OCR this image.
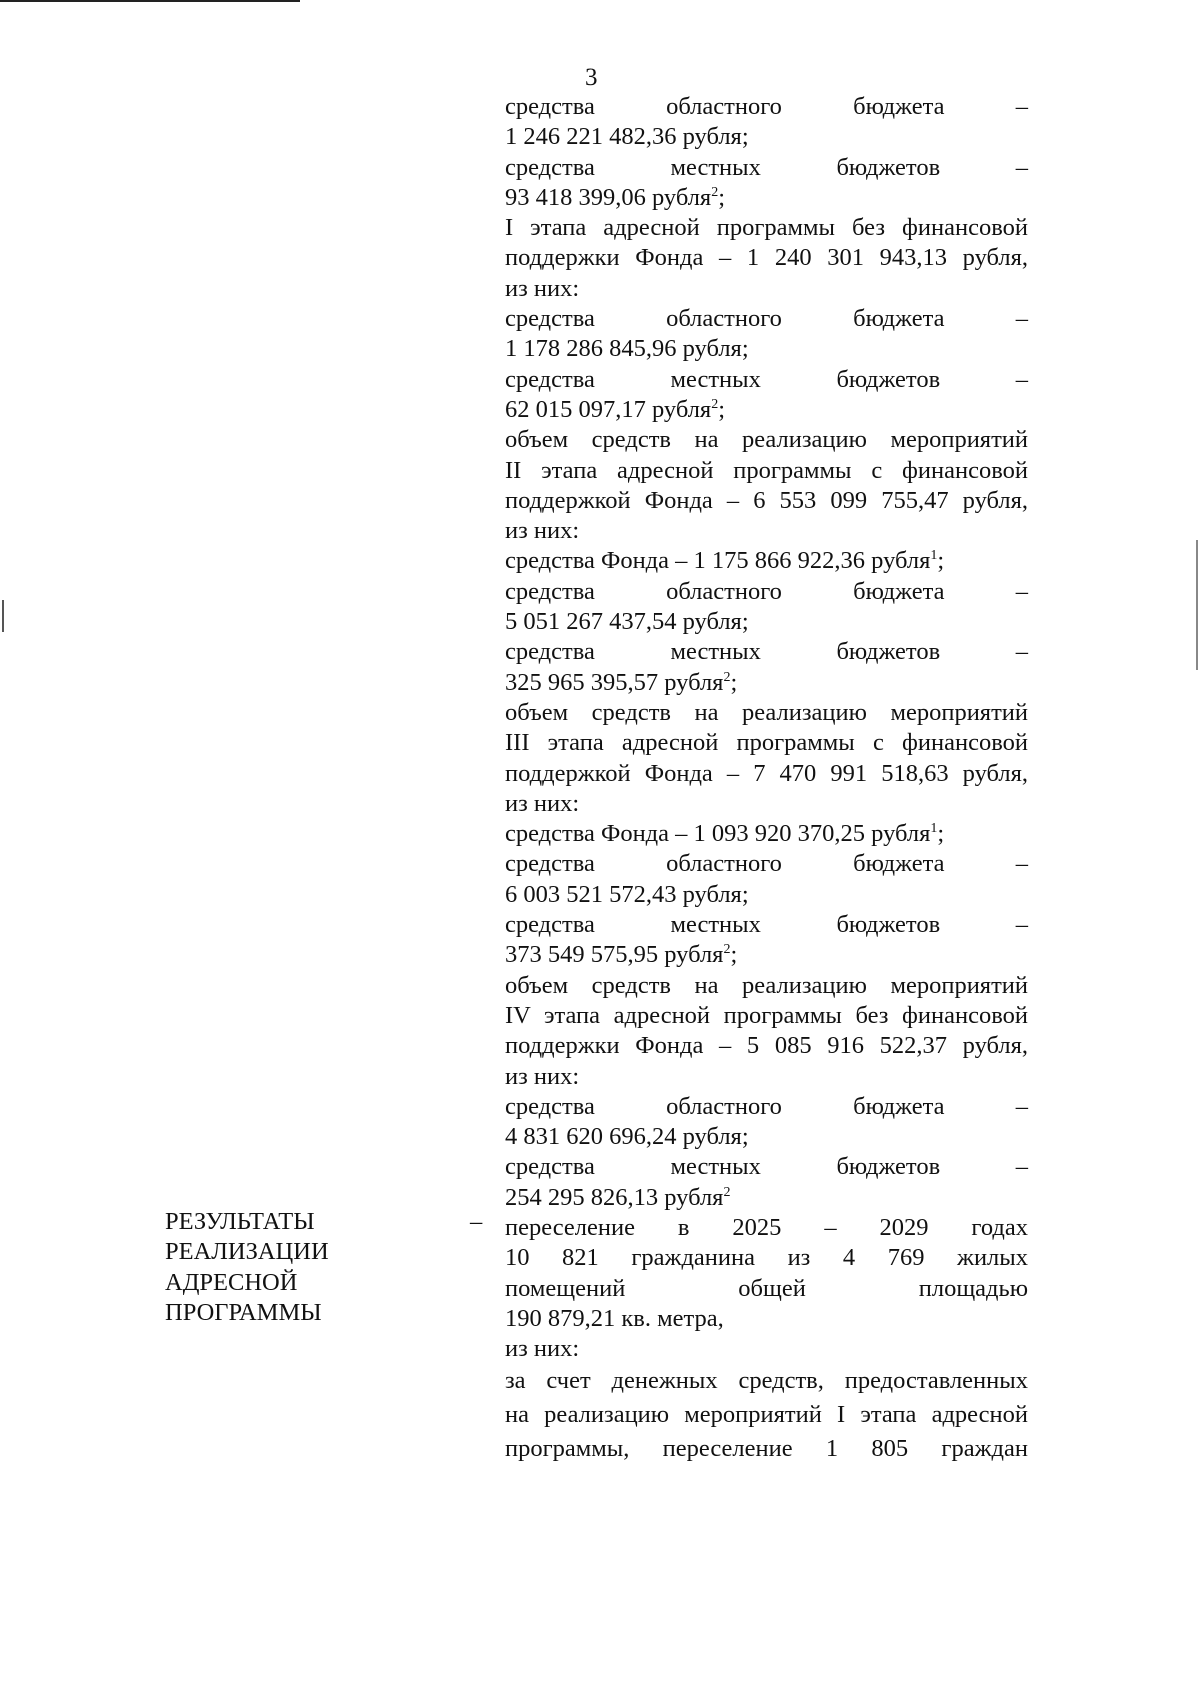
3
средства областного бюджета –
1 246 221 482,36 рубля;
средства местных бюджетов –
93 418 399,06 рубля$^2$;
I этапа адресной программы без финансовой
поддержки Фонда – 1 240 301 943,13 рубля,
из них:
средства областного бюджета –
1 178 286 845,96 рубля;
средства местных бюджетов –
62 015 097,17 рубля$^2$;
объем средств на реализацию мероприятий
II этапа адресной программы с финансовой
поддержкой Фонда – 6 553 099 755,47 рубля,
из них:
средства Фонда – 1 175 866 922,36 рубля$^1$;
средства областного бюджета –
5 051 267 437,54 рубля;
средства местных бюджетов –
325 965 395,57 рубля$^2$;
объем средств на реализацию мероприятий
III этапа адресной программы с финансовой
поддержкой Фонда – 7 470 991 518,63 рубля,
из них:
средства Фонда – 1 093 920 370,25 рубля$^1$;
средства областного бюджета –
6 003 521 572,43 рубля;
средства местных бюджетов –
373 549 575,95 рубля$^2$;
объем средств на реализацию мероприятий
IV этапа адресной программы без финансовой
поддержки Фонда – 5 085 916 522,37 рубля,
из них:
средства областного бюджета –
4 831 620 696,24 рубля;
средства местных бюджетов –
254 295 826,13 рубля$^2$
переселение в 2025 – 2029 годах
10 821 гражданина из 4 769 жилых
помещений общей площадью
190 879,21 кв. метра,
из них:
за счет денежных средств, предоставленных
на реализацию мероприятий I этапа адресной
программы, переселение 1 805 граждан
РЕЗУЛЬТАТЫ
РЕАЛИЗАЦИИ
АДРЕСНОЙ
ПРОГРАММЫ
–
